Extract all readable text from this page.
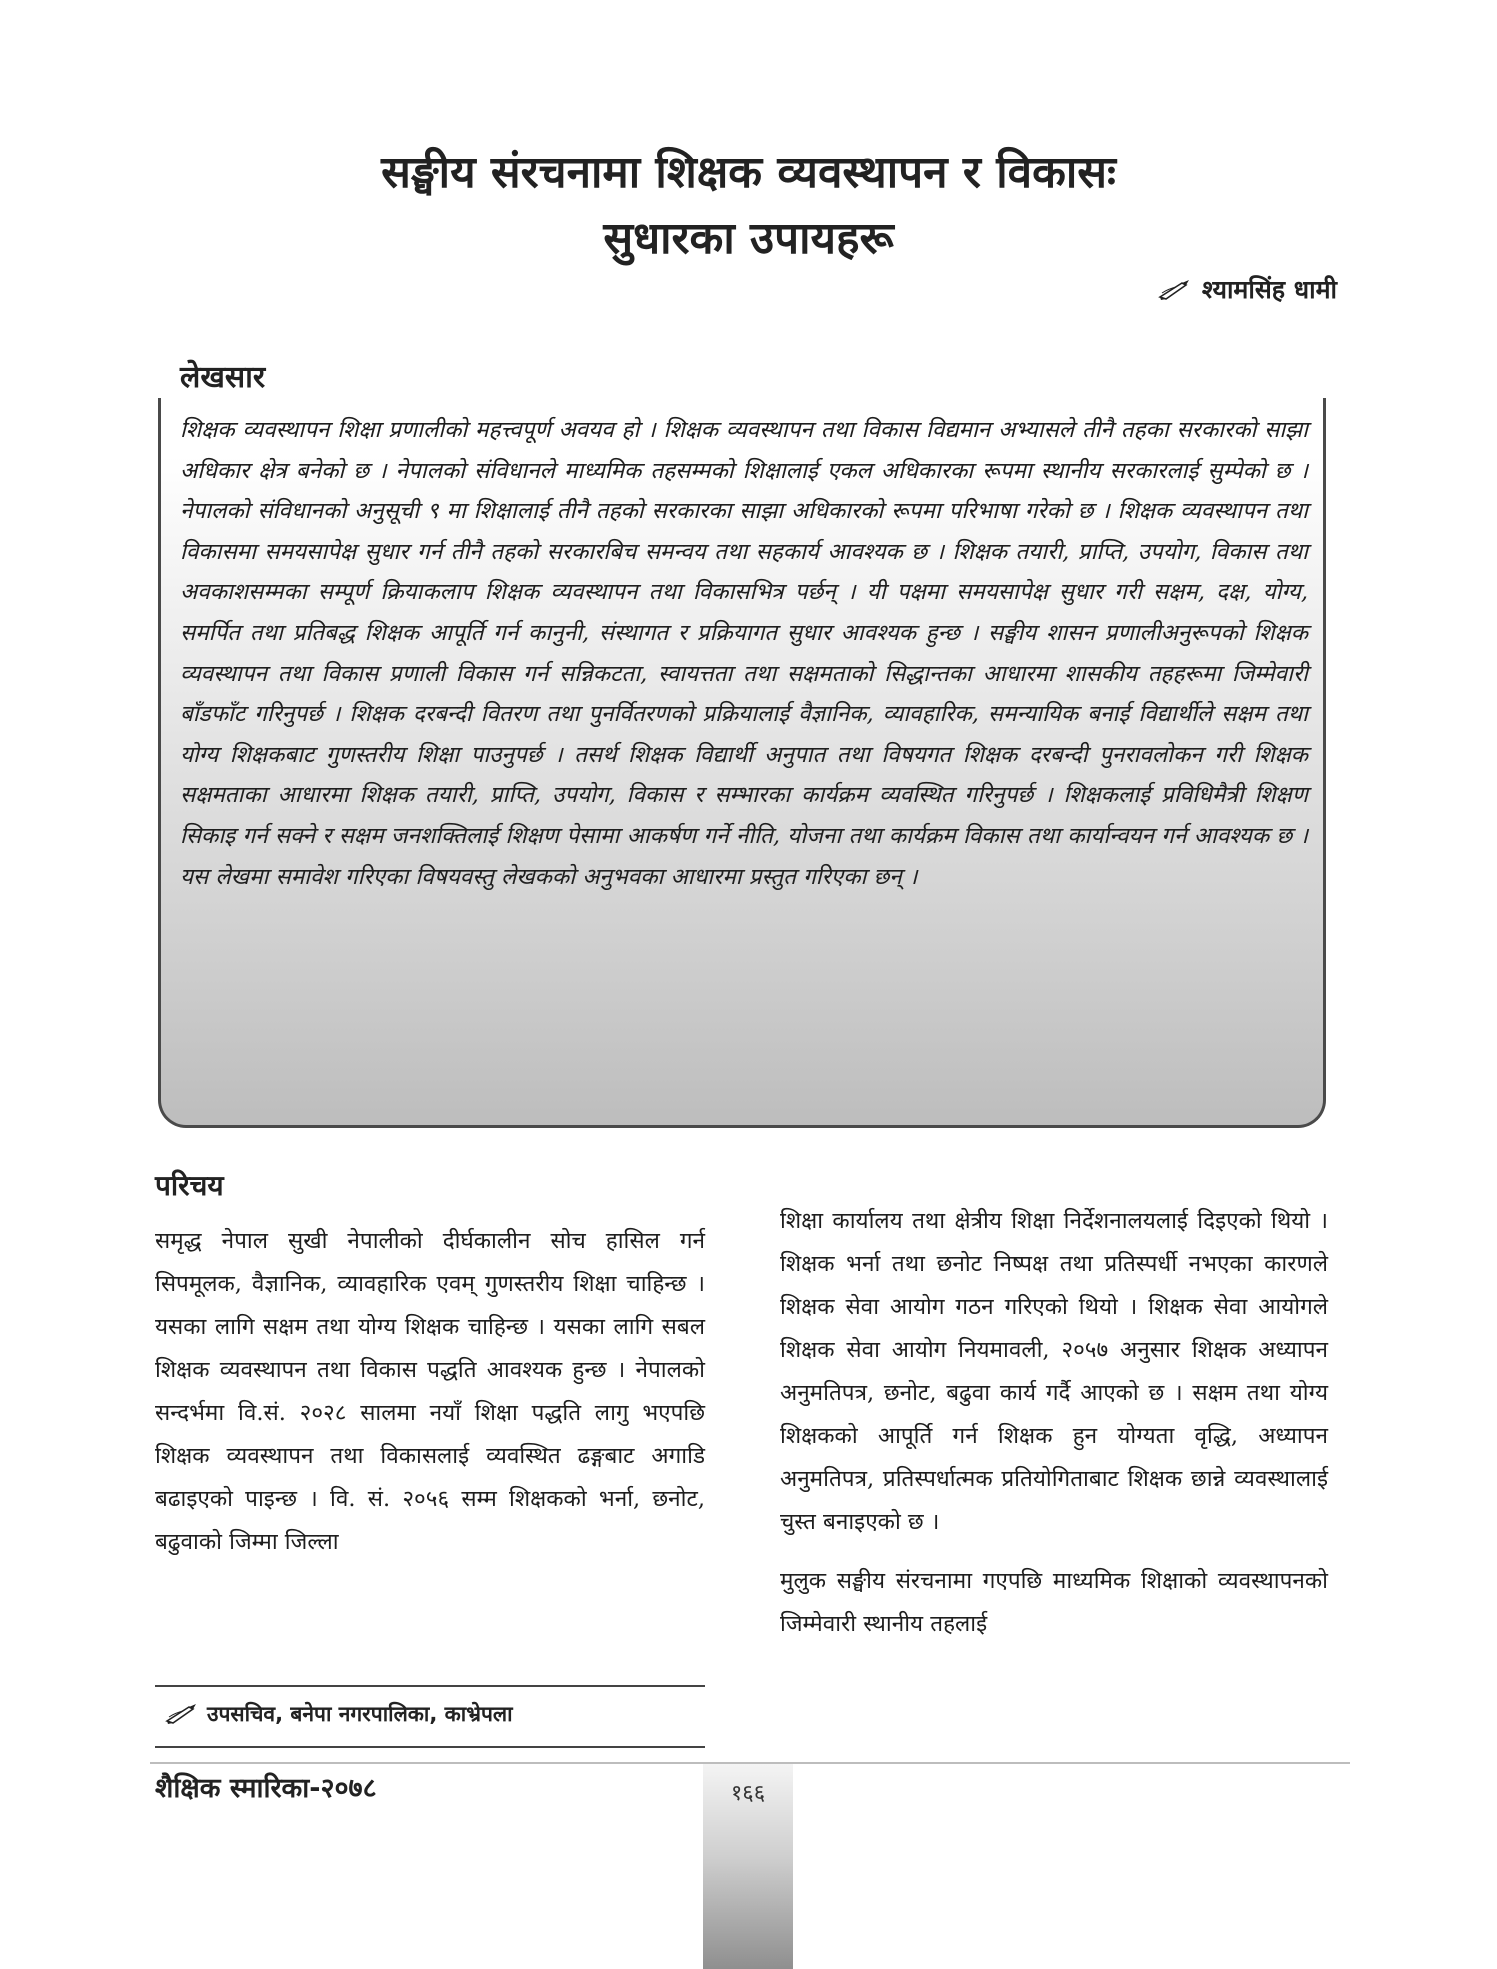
सङ्घीय संरचनामा शिक्षक व्यवस्थापन र विकासः
सुधारका उपायहरू
श्यामसिंह धामी
लेखसार
शिक्षक व्यवस्थापन शिक्षा प्रणालीको महत्त्वपूर्ण अवयव हो । शिक्षक व्यवस्थापन तथा विकास विद्यमान अभ्यासले तीनै तहका सरकारको साझा अधिकार क्षेत्र बनेको छ । नेपालको संविधानले माध्यमिक तहसम्मको शिक्षालाई एकल अधिकारका रूपमा स्थानीय सरकारलाई सुम्पेको छ । नेपालको संविधानको अनुसूची ९ मा शिक्षालाई तीनै तहको सरकारका साझा अधिकारको रूपमा परिभाषा गरेको छ । शिक्षक व्यवस्थापन तथा विकासमा समयसापेक्ष सुधार गर्न तीनै तहको सरकारबिच समन्वय तथा सहकार्य आवश्यक छ । शिक्षक तयारी, प्राप्ति, उपयोग, विकास तथा अवकाशसम्मका सम्पूर्ण क्रियाकलाप शिक्षक व्यवस्थापन तथा विकासभित्र पर्छन् । यी पक्षमा समयसापेक्ष सुधार गरी सक्षम, दक्ष, योग्य, समर्पित तथा प्रतिबद्ध शिक्षक आपूर्ति गर्न कानुनी, संस्थागत र प्रक्रियागत सुधार आवश्यक हुन्छ । सङ्घीय शासन प्रणालीअनुरूपको शिक्षक व्यवस्थापन तथा विकास प्रणाली विकास गर्न सन्निकटता, स्वायत्तता तथा सक्षमताको सिद्धान्तका आधारमा शासकीय तहहरूमा जिम्मेवारी बाँडफाँट गरिनुपर्छ । शिक्षक दरबन्दी वितरण तथा पुनर्वितरणको प्रक्रियालाई वैज्ञानिक, व्यावहारिक, समन्यायिक बनाई विद्यार्थीले सक्षम तथा योग्य शिक्षकबाट गुणस्तरीय शिक्षा पाउनुपर्छ । तसर्थ शिक्षक विद्यार्थी अनुपात तथा विषयगत शिक्षक दरबन्दी पुनरावलोकन गरी शिक्षक सक्षमताका आधारमा शिक्षक तयारी, प्राप्ति, उपयोग, विकास र सम्भारका कार्यक्रम व्यवस्थित गरिनुपर्छ । शिक्षकलाई प्रविधिमैत्री शिक्षण सिकाइ गर्न सक्ने र सक्षम जनशक्तिलाई शिक्षण पेसामा आकर्षण गर्ने नीति, योजना तथा कार्यक्रम विकास तथा कार्यान्वयन गर्न आवश्यक छ । यस लेखमा समावेश गरिएका विषयवस्तु लेखकको अनुभवका आधारमा प्रस्तुत गरिएका छन् ।
परिचय

समृद्ध नेपाल सुखी नेपालीको दीर्घकालीन सोच हासिल गर्न सिपमूलक, वैज्ञानिक, व्यावहारिक एवम् गुणस्तरीय शिक्षा चाहिन्छ । यसका लागि सक्षम तथा योग्य शिक्षक चाहिन्छ । यसका लागि सबल शिक्षक व्यवस्थापन तथा विकास पद्धति आवश्यक हुन्छ । नेपालको सन्दर्भमा वि.सं. २०२८ सालमा नयाँ शिक्षा पद्धति लागु भएपछि शिक्षक व्यवस्थापन तथा विकासलाई व्यवस्थित ढङ्गबाट अगाडि बढाइएको पाइन्छ । वि. सं. २०५६ सम्म शिक्षकको भर्ना, छनोट, बढुवाको जिम्मा जिल्ला

शिक्षा कार्यालय तथा क्षेत्रीय शिक्षा निर्देशनालयलाई दिइएको थियो । शिक्षक भर्ना तथा छनोट निष्पक्ष तथा प्रतिस्पर्धी नभएका कारणले शिक्षक सेवा आयोग गठन गरिएको थियो । शिक्षक सेवा आयोगले शिक्षक सेवा आयोग नियमावली, २०५७ अनुसार शिक्षक अध्यापन अनुमतिपत्र, छनोट, बढुवा कार्य गर्दै आएको छ । सक्षम तथा योग्य शिक्षकको आपूर्ति गर्न शिक्षक हुन योग्यता वृद्धि, अध्यापन अनुमतिपत्र, प्रतिस्पर्धात्मक प्रतियोगिताबाट शिक्षक छान्ने व्यवस्थालाई चुस्त बनाइएको छ ।

मुलुक सङ्घीय संरचनामा गएपछि माध्यमिक शिक्षाको व्यवस्थापनको जिम्मेवारी स्थानीय तहलाई

उपसचिव, बनेपा नगरपालिका, काभ्रेपला
शैक्षिक स्मारिका-२०७८	१६६
